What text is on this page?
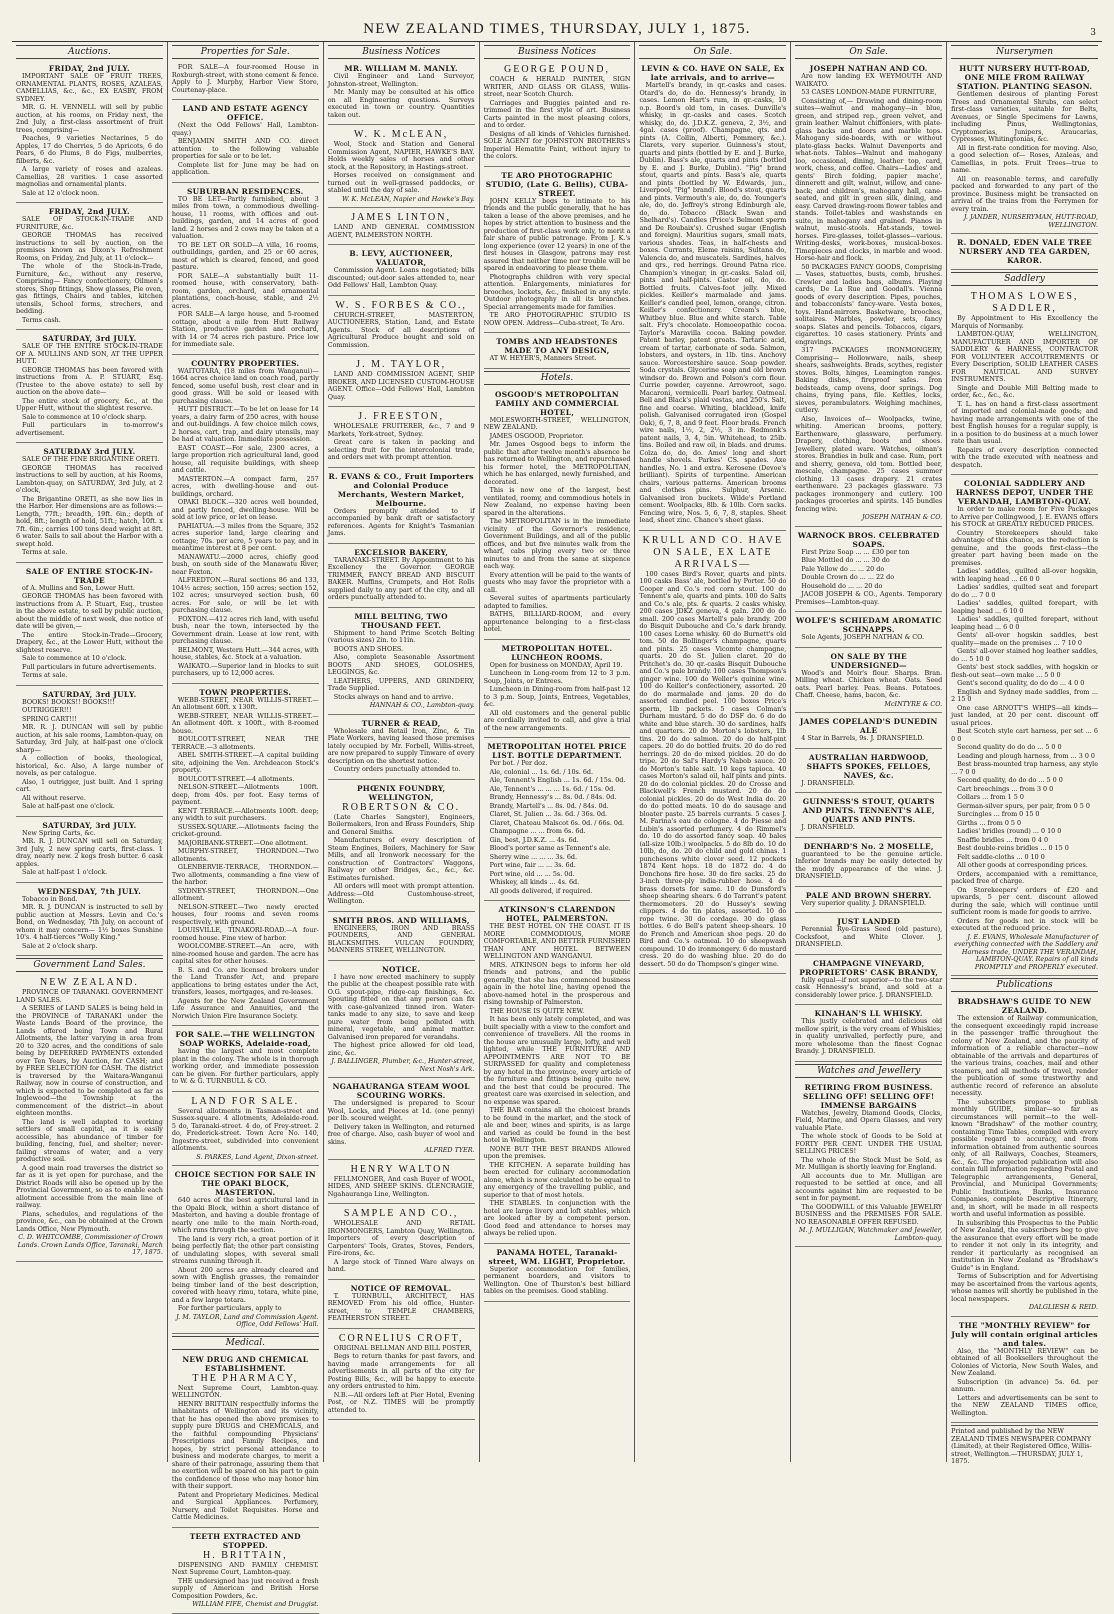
NEW ZEALAND TIMES, THURSDAY, JULY 1, 1875.	3
Auctions.
FRIDAY, 2nd JULY.

IMPORTANT SALE OF FRUIT TREES, ORNAMENTAL PLANTS, ROSES, AZALEAS, CAMELLIAS, &c., &c., EX EASBY, FROM SYDNEY.

MR. G. H. VENNELL will sell by public auction, at his rooms, on Friday next, the 2nd July, a first-class assortment of fruit trees, comprising—

Peaches, 9 varieties Nectarines, 5 do Apples, 17 do Cherries, 5 do Apricots, 6 do Pears, 6 do Plums, 8 do Figs, mulberries, filberts, &c.

A large variety of roses and azaleas. Camellias, 28 varities. 1 case assorted magnolias and ornamental plants.

Sale at 12 o'clock noon.

FRIDAY, 2nd JULY.

SALE OF STOCK-IN-TRADE AND FURNITURE, &c.

GEORGE THOMAS has received instructions to sell by auction, on the premises known as Dixon's Refreshment Rooms, on Friday, 2nd July, at 11 o'clock—

The whole of the Stock-in-Trade, Furniture, &c., without any reserve, Comprising— Fancy confectionery, Oilmen's stores, Shop fittings, Show glasses, Pie oven, gas fittings, Chairs and tables, kitchen utensils, School forms, strechers, and bedding.

Terms cash.

SATURDAY, 3rd JULY.

SALE OF THE ENTIRE STOCK-IN-TRADE OF A. MULLINS AND SON, AT THE UPPER HUTT.

GEORGE THOMAS has been favored with instructions from A. P. STUART, Esq. (Trustee to the above estate) to sell by auction on the above date—

The entire stock of grocery, &c., at the Upper Hutt, without the slightest reserve.

Sale to commence at 10 o'clock sharp.

Full particulars in to-morrow's advertisement.

SATURDAY 3rd JULY.

SALE OF THE FINE BRIGANTINE ORETI.

GEORGE THOMAS has received instructions to sell by auction, at his Rooms, Lambton-quay, on SATURDAY, 3rd July, at 2 o'clock,

The Brigantine ORETI, as she now lies in the Harbor. Her dimensions are as follows:—Length, 77ft.; breadth, 19ft. 6in.; depth of hold, 8ft.; length of hold, 51ft.; hatch, 10ft. x 7ft. 6in.; carries 100 tons dead weight at 8ft. 6 water. Sails to sail about the Harbor with a swept hold.

Terms at sale.

SALE OF ENTIRE STOCK-IN-TRADE

of A. Mullins and Son, Lower Hutt.

GEORGE THOMAS has been favored with instructions from A. P. Stuart, Esq., trustee in the above estate, to sell by public auction, about the middle of next week, due notice of date will be given,—

The entire Stock-in-Trade—Grocery, Drapery, &c., at the Lower Hutt, without the slightest reserve.

Sale to commence at 10 o'clock.

Full particulars in future advertisements.

Terms at sale.

SATURDAY, 3rd JULY.

BOOKS! BOOKS!! BOOKS!!!

OUTRIGGER!!!

SPRING CART!!!

MR. R. J. DUNCAN will sell by public auction, at his sale rooms, Lambton-quay, on Saturday, 3rd July, at half-past one o'clock sharp—

A collection of books, theological, historical, &c. Also, A large number of novels, as per catalogue.

Also, 1 outrigger, just built. And 1 spring cart.

All without reserve.

Sale at half-past one o'clock.

SATURDAY, 3rd JULY.

New Spring Carts, &c.

MR. R. J. DUNCAN will sell on Saturday, 3rd July, 2 new spring carts, first-class. 1 dray, nearly new. 2 kegs fresh butter. 6 cask apples.

Sale at half-past 1 o'clock.

WEDNESDAY, 7th JULY.

Tobacco in Bond.

MR. R. J. DUNCAN is instructed to sell by public auction at Messrs. Levin and Co.'s Bond, on Wednesday, 7th July, on account of whom it may concern— 1½ boxes Sunshine 10's. 4 half-tierces "Wolly King."

Sale at 2 o'clock sharp.

Government Land Sales.
NEW ZEALAND.

PROVINCE OF TARANAKI. GOVERNMENT LAND SALES.

A SERIES of LAND SALES is being held in the PROVINCE of TARANAKI under the Waste Lands Board of the province, the Lands offered being Town and Rural Allotments, the latter varying in area from 20 to 320 acres, and the conditions of sale being by DEFERRED PAYMENTS extended over Ten Years, by Auction, for CASH; and by FREE SELECTION for CASH. The district is traversed by the Waitara-Wanganui Railway, now in course of construction, and which is expected to be completed as far as Inglewood—the Township at the commencement of the district—in about eighteen months.

The land is well adapted to working settlers of small capital, as it is easily accessible, has abundance of timber for building, fencing, fuel, and shelter; never-failing streams of water, and a very productive soil.

A good main road traverses the district so far as it is yet open for purchase, and the District Roads will also be opened up by the Provincial Government, so as to enable each allotment accessible from the main line of railway.

Plans, schedules, and regulations of the province, &c., can be obtained at the Crown Lands Office, New Plymouth.

C. D. WHITCOMBE, Commissioner of Crown Lands. Crown Lands Office, Taranaki, March 17, 1875.
Properties for Sale.

FOR SALE—A four-roomed House in Roxburgh-street, with stone cement & fence. Apply to J. Murphy, Harbor View Store, Courtenay-place.

LAND AND ESTATE AGENCY OFFICE.

(Next the Odd Fellows' Hall, Lambton-quay.)

BENJAMIN SMITH AND CO. direct attention to the following valuable properties for sale or to be let.

Complete list for June may be had on application.

SUBURBAN RESIDENCES.

TO BE LET—Partly furnished, about 3 miles from town, a commodious dwelling-house, 11 rooms, with offices and out-buildings, garden, and 14 acres of good land. 2 horses and 2 cows may be taken at a valuation.

TO BE LET OR SOLD—A villa, 16 rooms, outbuildings, garden, and 25 or 60 acres, most of which is cleared, fenced, and good pasture.

FOR SALE—A substantially built 11-roomed house, with conservatory, bath-room, garden, orchard, and ornamental plantations, coach-house, stable, and 2½ acres.

FOR SALE—A large house, and 5-roomed cottage, about a mile from Hutt Railway Station, productive garden and orchard, with 14 or 74 acres rich pasture. Price low for immediate sale.

COUNTRY PROPERTIES.

WAITOTARA, (18 miles from Wanganui)—1664 acres choice land on coach road, partly fenced, some useful bush, rest clear and in good grass. Will be sold or leased with purchasing clause.

HUTT DISTRICT.—To be let on lease for 14 years, a dairy farm of 250 acres, with house and out-buildings. A few choice milch cows, 2 horses, cart, trap, and dairy utensils, may be had at valuation. Immediate possession.

EAST COAST.—For sale, 2300 acres, a large proportion rich agricultural land, good house, all requisite buildings, with sheep and cattle.

MASTERTON.—A compact farm, 257 acres, with dwelling-house and out-buildings, orchard.

OPAKI BLOCK.—320 acres well bounded, and partly fenced, dwelling-house. Will be sold at low price, or let on lease.

PAHIATUA.—3 miles from the Square, 352 acres superior land, large clearing and cottage; 70s. per acre, 5 years to pay, and in meantime interest at 8 per cent.

MANAWATU.—2000 acres, chiefly good bush, on south side of the Manawatu River, near Foxton.

ALFREDTON.—Rural sections 86 and 133, 104½ acres; section, 150 acres; section 152, 102 acres; unsurveyed section bush, 60 acres. For sale, or will be let with purchasing clause.

FOXTON.—412 acres rich land, with useful bush, near the town, intersected by the Government drain. Lease at low rent, with purchasing clause.

BELMONT, Western Hutt.—344 acres, with house, stables, &c. Stock at a valuation.

WAIKATO.—Superior land in blocks to suit purchasers, up to 12,000 acres.

TOWN PROPERTIES.

WEBB-STREET, NEAR WILLIS-STREET.—An allotment 60ft. x 130ft.

WEBB-STREET, NEAR WILLIS-STREET.—An allotment 40ft. x 100ft., with 8-roomed house.

BOULCOTT-STREET, NEAR THE TERRACE.—3 allotments.

ABEL SMITH-STREET.—A capital building site, adjoining the Ven. Archdeacon Stock's property.

BOULCOTT-STREET.—4 allotments.

NELSON-STREET.—Allotments 100ft. deep, from 40s. per foot. Easy terms of payment.

KENT TERRACE.—Allotments 100ft. deep; any width to suit purchasers.

SUSSEX-SQUARE.—Allotments facing the cricket-ground.

MAJORIBANK-STREET.—One allotment.

MURPHY-STREET, THORNDON.—Two allotments.

GLENBERVIE-TERRACE, THORNDON.—Two allotments, commanding a fine view of the harbor.

SYDNEY-STREET, THORNDON.—One allotment.

NELSON-STREET.—Two newly erected houses, four rooms and seven rooms respectively, with ground.

LOUISVILLE, TINAKORI-ROAD.—A four-roomed house. Fine view of harbor.

WOOLCOMBE-STREET.—An acre, with nine-roomed house and garden. The acre has capital sites for other houses.

B. S. and Co. are licensed brokers under the Land Transfer Act, and prepare applications to bring estates under the Act, transfers, leases, mortgages, and re-leases.

Agents for the New Zealand Government Life Assurance and Annuities, and the Norwich Union Fire Insurance Society.

FOR SALE.—THE WELLINGTON SOAP WORKS, Adelaide-road,

having the largest and most complete plant in the colony. The whole is in thorough working order, and immediate possession can be given. For further particulars, apply to W. & G. TURNBULL & CO.

LAND FOR SALE.

Several allotments in Tasman-street and Sussex-square. 4 allotments, Adelaide-road. 5 do, Taranaki-street. 4 do, of Frey-street. 2 do, Frederick-street. Town Acre No. 140, Ingestre-street, subdivided into convenient allotments.

S. PARKES, Land Agent, Dixon-street.
CHOICE SECTION FOR SALE IN THE OPAKI BLOCK, MASTERTON.

640 acres of the best agricultural land in the Opaki Block, within a short distance of Masterton, and having a double frontage of nearly one mile to the main North-road, which runs through the section.

The land is very rich, a great portion of it being perfectly flat; the other part consisting of undulating slopes, with several small streams running through it.

About 200 acres are already cleared and sown with English grasses, the remainder being timber land of the best description, covered with heavy rimu, totara, white pine, and a few large totara.

For further particulars, apply to

J. M. TAYLOR, Land and Commission Agent. Office, Odd Fellows' Hall.
Medical.
NEW DRUG AND CHEMICAL ESTABLISHMENT.
THE PHARMACY,

Next Supreme Court, Lambton-quay. WELLINGTON.

HENRY BRITTAIN respectfully informs the inhabitants of Wellington and its vicinity, that he has opened the above premises to supply pure DRUGS and CHEMICALS, and the faithful compounding Physicians' Prescriptions and Family Recipes, and hopes, by strict personal attendance to business and moderate charges, to merit a share of their patronage, assuring them that no exertion will be spared on his part to gain the confidence of those who may honor him with their support.

Patent and Proprietary Medicines. Medical and Surgical Appliances. Perfumery, Nursery, and Toilet Requisites. Horse and Cattle Medicines.

TEETH EXTRACTED AND STOPPED.
H. BRITTAIN,

DISPENSING AND FAMILY CHEMIST. Next Supreme Court, Lambton-quay.

THE undersigned has just received a fresh supply of American and British Horse Composition Powders, &c.

WILLIAM FIFE, Chemist and Druggist.
Business Notices
MR. WILLIAM M. MANLY.

Civil Engineer and Land Surveyor, Johnston-street, Wellington.

Mr. Manly may be consulted at his office on all Engineering questions. Surveys executed in town or country. Quantities taken out.

W. K. McLEAN,

Wool, Stock and Station and General Commission Agent, NAPIER, HAWKE'S BAY. Holds weekly sales of horses and other stock, at the Repository, in Hastings-street.

Horses received on consignment and turned out in well-grassed paddocks, or stabled until the day of sale.

W. K. McLEAN, Napier and Hawke's Bay.
JAMES LINTON,

LAND AND GENERAL COMMISSION AGENT, PALMERSTON NORTH.

B. LEVY, AUCTIONEER, VALUATOR,

Commission Agent. Loans negotiated; bills discounted; out-door sales attended to, near Odd Fellows' Hall, Lambton Quay.

W. S. FORBES & CO.,

CHURCH-STREET, MASTERTON, AUCTIONEERS, Station, Land, and Estate Agents. Stock of all descriptions of Agricultural Produce bought and sold on Commission.

J. M. TAYLOR,

LAND AND COMMISSION AGENT, SHIP BROKER, AND LICENSED CUSTOM-HOUSE AGENT. Office—Odd Fellows' Hall, Lambton Quay.

J. FREESTON,

WHOLESALE FRUITERER, &c., 7 and 9 Markets, York-street, Sydney.

Great care is taken in packing and selecting fruit for the intercolonial trade, and orders met with prompt attention.

R. EVANS & CO., Fruit Importers and Colonial Produce Merchants, Western Market, Melbourne.

Orders promptly attended to if accompanied by bank draft or satisfactory references. Agents for Knight's Tasmanian Jams.

EXCELSIOR BAKERY,

TARANAKI-STREET. By Appointment to his Excellency the Governor. GEORGE TRIMMER, FANCY BREAD AND BISCUIT BAKER. Muffins, Crumpets, and Hot Rolls supplied daily to any part of the city, and all orders punctually attended to.

MILL BELTING, TWO THOUSAND FEET.

Shipment to hand Prime Scotch Belting (various sizes) 2in. to 11in.

BOOTS AND SHOES.

Also, complete Seasonable Assortment BOOTS AND SHOES, GOLOSHES, LEGGINGS, &c.

LEATHERS, UPPERS, AND GRINDERY, Trade Supplied.

Stocks always on hand and to arrive.

HANNAH & CO., Lambton-quay.
TURNER & READ,

Wholesale and Retail Iron, Zinc, & Tin Plate Workers, having leased those premises lately occupied by Mr. Forbell, Willis-street, are now prepared to supply Tinware of every description on the shortest notice.

Country orders punctually attended to.

PHŒNIX FOUNDRY, WELLINGTON,
ROBERTSON & CO.

(Late Charles Sangster), Engineers, Boilermakers, Iron and Brass Founders, Ship and General Smiths.

Manufacturers of every description of Steam Engines, Boilers, Machinery for Saw Mills, and all Ironwork necessary for the construction of Contractors' Waggons, Railway or other Bridges, &c., &c., &c. Estimates furnished.

All orders will meet with prompt attention. Address:—Old Customhouse-street, Wellington.

SMITH BROS. AND WILLIAMS,

ENGINEERS, IRON AND BRASS FOUNDERS, AND GENERAL BLACKSMITHS. VULCAN FOUNDRY, MANNERS STREET, WELLINGTON.

NOTICE.

I have now erected machinery to supply the public at the cheapest possible rate with O.G. spout-pipe, ridge-cap finishings, &c. Spouting fitted on that any person can fix with case-galvanized tinned iron. Water-tanks made to any size, to save and keep pure water from being polluted with mineral, vegetable, and animal matter. Galvanised iron prepared for verandahs.

The highest price allowed for old lead, zinc, &c.

J. BALLINGER, Plumber, &c., Hunter-street, Next Nosh's Ark.
NGAHAURANGA STEAM WOOL SCOURING WORKS.

The undersigned is prepared to Scour Wool, Locks, and Pieces at 1d. (one penny) per lb. scoured weight.

Delivery taken in Wellington, and returned free of charge. Also, cash buyer of wool and skins.

ALFRED TYER.
HENRY WALTON

FELLMONGER, And cash Buyer of WOOL, HIDES, AND SHEEP SKINS. GLENCRAGIE, Ngahauranga Line, Wellington.

SAMPLE AND CO.,

WHOLESALE AND RETAIL IRONMONGERS, Lambton Quay, Wellington. Importers of every description of Carpenters' Tools, Grates, Stoves, Fenders, Fire-irons, &c.

A large stock of Tinned Ware always on hand.

NOTICE OF REMOVAL.

T. TURNBULL, ARCHITECT, HAS REMOVED From his old office, Hunter-street, to TEMPLE CHAMBERS, FEATHERSTON STREET.

CORNELIUS CROFT,

ORIGINAL BELLMAN AND BILL POSTER,

Begs to return thanks for past favors, and having made arrangements for all advertisements in all parts of the city for Posting Bills, &c., will be happy to execute any orders entrusted to him.

N.B.—All orders left at Pier Hotel, Evening Post, or N.Z. TIMES will be promptly attended to.

Business Notices
GEORGE POUND,

COACH & HERALD PAINTER, SIGN WRITER, AND GLASS OR GLASS, Willis-street, near Scotch Church.

Carriages and Buggies painted and re-trimmed in the first style of art. Business Carts painted in the most pleasing colors, and to order.

Designs of all kinds of Vehicles furnished. SOLE AGENT for JOHNSTON BROTHERS's Imperial Hematite Paint, without injury to the colors.

TE ARO PHOTOGRAPHIC STUDIO, (Late G. Bellis), CUBA-STREET.

JOHN KELLY begs to intimate to his friends and the public generally, that he has taken a lease of the above premises, and he hopes by strict attention to business and the production of first-class work only, to merit a fair share of public patronage. From J. K.'s long experience (over 12 years) in one of the first houses in Glasgow, patrons may rest assured that neither time nor trouble will be spared in endeavoring to please them.

Photographs children with very special attention. Enlargements, miniatures for brooches, lockets, &c., finished in any style. Outdoor photography in all its branches. Special arrangements made for families.

TE ARO PHOTOGRAPHIC STUDIO IS NOW OPEN. Address—Cuba-street, Te Aro.

TOMBS AND HEADSTONES MADE TO ANY DESIGN,

AT W. HEYER'S, Manners Street.

Hotels.
OSGOOD'S METROPOLITAN FAMILY AND COMMERCIAL HOTEL,

MOLESWORTH-STREET, WELLINGTON, NEW ZEALAND.

JAMES OSGOOD, Proprietor.

Mr. James Osgood begs to inform the public that after twelve month's absence he has returned to Wellington, and repurchased his former hotel, the METROPOLITAN, which he has enlarged, newly furnished, and decorated.

This is now one of the largest, best ventilated, roomy, and commodious hotels in New Zealand, no expense having been spared in the alterations.

The METROPOLITAN is in the immediate vicinity of the Governor's residence, Government Buildings, and all of the public offices, and but five minutes walk from the wharf, cabs plying every two or three minutes to and from the same at sixpence each way.

Every attention will be paid to the wants of guests who may favor the proprietor with a call.

Several suites of apartments particularly adapted to families.

BATHS, BILLIARD-ROOM, and every appurtenance belonging to a first-class hotel.

METROPOLITAN HOTEL. LUNCHEON ROOMS.

Open for business on MONDAY, April 19.

Luncheon in Long-room from 12 to 3 p.m. Soup, Joints, or Entrees.

Luncheon in Dining-room from half-past 12 to 3 p.m. Soup, Joints, Entrees, Vegetables, &c.

All old customers and the general public are cordially invited to call, and give a trial of the new arrangements.

METROPOLITAN HOTEL PRICE LIST. BOTTLE DEPARTMENT.

Per bot. / Per doz.

Ale, colonial ... 1s. 6d. / 10s. 6d.

Ale, Tennent's English ... 1s. 6d. / 15s. 0d.

Ale, Tennent's ... ... ... 1s. 6d. / 15s. 0d.

Brandy, Hennessy's ... 8s. 0d. / 84s. 0d.

Brandy, Martell's ... 8s. 0d. / 84s. 0d.

Claret, St. Julien ... 3s. 6d. / 36s. 0d.

Claret, Chateau Malscot 6s. 0d. / 66s. 0d.

Champagne ... ... from 6s. 6d.

Gin, best, J.D.K.Z. ... 4s. 6d.

Blood's porter same as Tennent's ale.

Sherry wine ... ... ... 3s. 6d.

Port wine, fair ... ... 3s. 6d.

Port wine, old ... ... 5s. 0d.

Whiskey, all kinds ... 4s. 6d.

All goods delivered, if required.

ATKINSON'S CLARENDON HOTEL, PALMERSTON.

THE BEST HOTEL ON THE COAST. IT IS MORE COMMODIOUS, MORE COMFORTABLE, AND BETTER FURNISHED THAN ANY HOTEL BETWEEN WELLINGTON AND WANGANUI.

MRS. ATKINSON begs to inform her old friends and patrons, and the public generally, that she has commenced business again in the hotel line, having opened the above-named hotel in the prosperous and rising township of Palmerston.

THE HOUSE IS QUITE NEW.

It has been only lately completed, and was built specially with a view to the comfort and convenience of travellers. All the rooms in the house are unusually large, lofty, and well lighted, while THE FURNITURE AND APPOINTMENTS ARE NOT TO BE SURPASSED for quality and completeness by any hotel in the province, every article of the furniture and fittings being quite new, and the best that could be procured. The greatest care was exercised in selection, and no expense was spared.

THE BAR contains all the choicest brands to be found in the market, and the stock of ale and beer, wines and spirits, is as large and varied as could be found in the best hotel in Wellington.

NONE BUT THE BEST BRANDS Allowed upon the premises.

THE KITCHEN. A separate building has been erected for culinary accommodation alone, which is now calculated to be equal to any emergency of the travelling public, and superior to that of most hotels.

THE STABLES. In conjunction with the hotel are large livery and loft stables, which are looked after by a competent person. Good feed and attendance to horses may always be relied upon.

PANAMA HOTEL, Taranaki-street, WM. LIGHT, Proprietor.

Superior accommodation for families, permanent boarders, and visitors to Wellington. One of Thurston's best billiard tables on the premises. Good stabling.

On Sale.
LEVIN & CO. HAVE ON SALE, Ex late arrivals, and to arrive—

Martell's brandy, in qr.-casks and cases. Otard's do, do do. Hennessy's brandy, in cases. Lemon Hart's rum, in qr.-casks, 10 o.p. Boord's old tom, in cases. Dunville's whisky, in qr.-casks and cases. Scotch whisky, do, do. J.D.K.Z. geneva, 2, 3½, and 4gal. cases (proof). Champagne, qts. and pints (A. Collin, Alberti, Pommery, &c.). Clarets, very superior. Guinness's stout, quarts and pints (bottled by E. and J. Burke, Dublin). Bass's ale, quarts and pints (bottled by E. and J. Burke, Dublin). "Pig" brand stout, quarts and pints. Bass's ale, quarts and pints (bottled by W. Edwards, jun., Liverpool, "Pig" brand). Blood's stout, quarts and pints. Vermouth's ale, do, do. Younger's ale, do, do. Jeffrey's strong Edinburgh ale, do, do. Tobacco (Black Swan and Shelhard's). Candles (Price's Belmont sperm and De Roubaix's). Crushed sugar (English and foreign). Mauritius sugars, small mats, various shades. Teas, in half-chests and boxes. Currants, Eleme raisins, Sultana do, Valencia do, and muscatels. Sardines, halves and qrs., red herrings. Ground Patna rice. Champion's vinegar, in qr.-casks. Salad oil, pints and half-pints. Castor oil, do, do. Bottled fruits. Calves-foot jelly. Mixed pickles. Keiller's marmalade and jams. Keiller's candied peel, lemon, orange, citron. Keiller's confectionery. Cream's blue, Whitbey blue. Blue and white starch. Table salt. Fry's chocolate. Homoeopathic cocoa. Taylor's Maravilla cocoa. Baking powder. Patent barley, patent groats. Tartaric acid, cream of tartar, carbonate of soda. Salmon, lobsters, and oysters, in 1lb. tins. Anchovy sauce. Worcestershire sauce. Soap powder. Soda crystals. Glycerine soap and old brown windsor do. Brown and Polson's corn flour. Currie powder, cayenne. Arrowroot, sago. Macaroni, vermicelli. Pearl barley. Oatmeal. Bell and Black's plaid vestas, and 250's. Salt, fine and coarse. Whiting, blacklead, knife polish. Galvanised corrugated iron (Gospel Oak), 6, 7, 8, and 9 feet. Floor brads. French wire nails, 1½, 2, 2½, 3 in. Redmonk's patent nails, 3, 4, 5in. Whitehead, to 25lb. tins. Boiled and raw oil, in blads. and drums. Colza do, do, do. Ames' long and short handle shovels. Parkes' CS. spades. Axe handles, No. 1 and extra. Kerosene (Devoe's brilliant). Spirits of turpentine. American chairs, various patterns. American brooms and clothes pins. Sulphur, Arsenic. Galvanised iron buckets. Wilde's Portland cement. Woolpacks, 8lb. & 10lb. Corn sacks. Fencing wire, Nos. 5, 6, 7, 8, staples. Sheet lead, sheet zinc. Chance's sheet glass.

KRULL AND CO. HAVE ON SALE, EX LATE ARRIVALS—

100 cases Bird's Rover, quarts and pints. 100 casks Bass' ale, bottled by Porter. 50 do Cooper and Co.'s red corn stout. 100 do Tennent's ale, quarts and pints. 100 do Salts and Co.'s ale, pts. & quarts. 2 casks whisky. 200 cases JDKZ geneva, 4 gaIn. 200 do do small. 200 cases Martell's pale brandy. 200 do Bisquit Dubouche and Co.'s dark brandy. 100 cases Lorne whisky. 60 do Burnett's old tom. 50 do Bollinger's champagne, quarts and pints. 25 cases Vicomte champagne, quarts. 20 do St. Julien claret. 20 do Pritchet's do. 30 qr.-casks Bisquit Dubouche and Co.'s pale brandy. 100 cases Thompson's ginger wine. 100 do Weller's quinine wine. 100 do Keiller's confectionery, assorted. 20 do do marmalade and jams. 20 do do assorted candied peel. 100 boxes Price's sperm, 1lb packets. 5 cases Colman's Durham mustard. 5 do do DSF do. 6 do do white and blue starch. 30 do sardines, halfs and quarters. 20 do Morton's lobsters, 1lb tins. 20 do do salmon. 20 do do half-pint capers. 20 do do bottled fruits. 20 do do red herrings. 20 do do mixed pickles. 20 do do tripe. 20 do Sal's Hardy's Nabob sauce. 20 do Morton's table salt. 10 kegs tapioca. 40 cases Morton's salad oil, half pints and pints. 20 do do colonial pickles. 20 do Crosse and Blackwell's French mustard. 20 do do colonial pickles. 20 do do West India do. 20 do do potted meats. 10 do do sausage and bloater paste. 25 barrels currants. 5 cases J. M. Farina's eau de cologne. 4 do Piesse and Lubin's assorted perfumery. 4 do Rimmel's do. 10 do do assorted fancy soap. 40 bales (all-size 10lb.) woolpacks. 5 do 8lb do. 10 do 10lb, do, do. 20 do child and gold chinas. 1 punchesons white clover seed. 12 pockets 1874 Kent hops. 18 do 1872 do. 4 do Donchons fire hose. 30 do fire sacks. 25 do 3-inch three-ply india-rubber hose. 4 do brass dorsets for same. 10 do Dunsford's sheep shearing shears. 6 do Tarrant's patent thermometers. 20 do Hussey's sewing clippers. 4 do tin plates, assorted. 10 do rope twine. 30 do cordage. 30 do glass bottles. 6 do Bell's patent sheep-shears. 10 do French and American shoe pegs. 20 do Bird and Co.'s oatmeal. 10 do sheepwash compound. 10 do ironmongery. 6 do mustard cress. 20 do do washing blue. 20 do do dessert. 50 do do Thompson's ginger wine.

On Sale.
JOSEPH NATHAN AND CO.

Are now landing EX WEYMOUTH AND WAIKATO.

53 CASES LONDON-MADE FURNITURE,

Consisting of,— Drawing and dining-room suites—walnut and mahogany—in blue, green, and striped rep., green velvet, and grain leather. Walnut chiffoniers, with plate-glass backs and doors and marble tops. Mahogany side-boards, with or without plate-glass backs. Walnut Davenports and what-nots. Tables—Walnut and mahogany loo, occasional, dining, leather top, card, work, chess, and coffee. Chairs—Ladies' and gents' Birch folding, papier mache', dinnerett and gilt, walnut, willow, and cane-back; and children's, mahogany hall, cane-seated, and gilt in green silk, dining, and easy. Carved drawing-room flower tables and stands. Toilet-tables and washstands en suite, in mahogany and grained. Pianos in walnut, music-stools. Hat-stands, towel-horses. Fire-glasses, toilet-glasses—various. Writing-desks, work-boxes, musical-boxes. Timepieces and clocks, in marble and wood. Horse-hair and flock.

50 PACKAGES FANCY GOODS, Comprising— Vases, statuettes, busts, comb, brushes. Crewler and ladies bags, albums. Playing cards, De La Rue and Goodall's. Vienna goods of every description. Pipes, pouches, and tobacconists' fancy-ware. Vesta boxes, toys. Hand-mirrors. Basketware, brooches, solitaires. Marbles, powder, sets, fancy soaps. Slates and pencils. Tobaccos, cigars, cigarettes. 10 cases stationery. Prints and engravings.

317 PACKAGES IRONMONGERY, Comprising— Hollowware, nails, sheep shears, sashweights. Brads, scythes, register stoves. Bolts, hinges, Leamington ranges. Baking dishes, fireproof safes. Iron bedsteads, camp ovens, door springs. Dog chains, frying pans, file. Kettles, locks, sieves, perambulators. Weighing machines, cutlery.

Also, Invoices of— Woolpacks, twine, whiting. American brooms, pottery. Earthenware, glassware, perfumery. Drapery, clothing, boots and shoes. Jewellery, plated ware. Watches, oilman's stores. Brandies in bulk and case. Rum, port and sherry, geneva, old tom. Bottled beer, mescale, champagne. 25 cases summer clothing. 13 cases drapery. 21 crates earthenware. 23 packages glassware. 73 packages ironmongery and cutlery. 100 packages groceries and spirits. 145 bundles fencing wire.

JOSEPH NATHAN & CO.
WARNOCK BROS. CELEBRATED SOAPS.

First Prize Soap ... ... £30 per ton

Blue Mottled do ... ... 30 do

Pale Yellow do ... ... 20 do

Double Crown do ... ... 22 do

Household do ... ... 20 do

JACOB JOSEPH & CO., Agents. Temporary Premises—Lambton-quay.

WOLFE'S SCHIEDAM AROMATIC SCHNAPPS.

Sole Agents, JOSEPH NATHAN & CO.

ON SALE BY THE UNDERSIGNED—

Wood's and Moir's flour. Sharps. Bran. Milling wheat. Chicken wheat. Oats. Seed oats. Pearl barley. Peas. Beans. Potatoes. Chaff. Cheese, hams, bacon, &c.

McINTYRE & CO.
JAMES COPELAND'S DUNEDIN ALE

4 Star in Barrels, 9s. J. DRANSFIELD.

AUSTRALIAN HARDWOOD, SHAFTS SPOKES, FELLOES, NAVES, &c.

J. DRANSFIELD.

GUINNESS'S STOUT, QUARTS AND PINTS. TENNENT'S ALE, QUARTS AND PINTS.

J. DRANSFIELD.

DENHARD'S No. 2 MOSELLE,

guaranteed to be the genuine article. Inferior brands may be easily detected by the muddy appearance of the wine. J. DRANSFIELD.

PALE AND BROWN SHERRY.

Very superior quality. J. DRANSFIELD.

JUST LANDED

Perennial Rye-Grass Seed (old pasture), Cocksfoot, and White Clover. J. DRANSFIELD.

CHAMPAGNE VINEYARD, PROPRIETORS' CASK BRANDY,

fully equal—if not superior—to the two-star cask Hennessy's brand, and sold at a considerably lower price. J. DRANSFIELD.

KINAHAN'S LL WHISKY.

This justly celebrated and delicious old mellow spirit, is the very cream of Whiskies; in quality unrivalled, perfectly pure, and more wholesome than the finest Cognac Brandy. J. DRANSFIELD.

Watches and Jewellery
RETIRING FROM BUSINESS. SELLING OFF! SELLING OFF! IMMENSE BARGAINS

Watches, Jewelry, Diamond Goods, Clocks, Field, Marine, and Opera Glasses, and very valuable Plate.

The whole stock of Goods to be Sold at FORTY PER CENT. UNDER THE USUAL SELLING PRICES!

The whole of the Stock Must be Sold, as Mr. Mulligan is shortly leaving for England.

All accounts due to Mr. Mulligan are requested to be settled at once, and all accounts against him are requested to be sent in for payment.

The GOODWILL of this Valuable JEWELRY BUSINESS and the PREMISES FOR SALE. NO REASONABLE OFFER REFUSED.

M. J. MULLIGAN, Watchmaker and Jeweller, Lambton-quay.
Nurserymen
HUTT NURSERY HUTT-ROAD, ONE MILE FROM RAILWAY STATION. PLANTING SEASON.

Gentlemen desirous of planting Forest Trees and Ornamental Shrubs, can select first-class varieties, suitable for Belts, Avenues, or Single Specimens for Lawns, including Pinus, Wellingtonias, Cryptomerias, Junipers, Araucarias, Cypresses, Whitingtonias, &c.

All in first-rate condition for moving. Also, a good selection of— Roses, Azaleas, and Camellias, in pots. Fruit Trees—true to name.

All on reasonable terms, and carefully packed and forwarded to any part of the province. Business might be transacted on arrival of the trains from the Ferrymen for every train.

J. JANDER, NURSERYMAN, HUTT-ROAD, WELLINGTON.
R. DONALD, EDEN VALE TREE NURSERY AND TEA GARDEN, KAROR.
Saddlery
THOMAS LOWES, SADDLER,

By Appointment to His Excellency the Marquis of Normanby.

LAMBTON-QUAY, WELLINGTON, MANUFACTURER AND IMPORTER OF SADDLERY & HARNESS, CONTRACTOR FOR VOLUNTEER ACCOUTREMENTS Of Every Description, SOLID LEATHER CASES FOR NAUTICAL AND SURVEY INSTRUMENTS.

Single and Double Mill Belting made to order, &c., &c., &c.

T. L. has on hand a first-class assortment of imported and colonial-made goods; and having made arrangements with one of the best English houses for a regular supply, is in a position to do business at a much lower rate than usual.

Repairs of every description connected with the trade executed with neatness and despatch.

COLONIAL SADDLERY AND HARNESS DEPOT, UNDER THE VERANDAH, LAMBTON-QUAY.

In order to make room for Five Packages to Arrive per Collingwood, J. E. EVANS offers his STOCK at GREATLY REDUCED PRICES.

Country Storekeepers should take advantage of this chance, as the reduction is genuine, and the goods first-class—the greater part having been made on the premises.

Ladies' saddles, quilted all-over hogskin, with leaping head ... £6 0 0

Ladies' saddles, quilted seat and forepart do do ... 7 0 0

Ladies' saddles, quilted forepart, with leaping head ... 6 10 0

Ladies' saddles, quilted forepart, without leaping head ... 6 0 0

Gents' all-over hogskin saddles, best quality—made on the premises ... 7 10 0

Gents' all-over stained hog leather saddles, do ... 5 10 0

Gents' best stock saddles, with hogskin or flesh-out seat—own make ... 5 0 0

Gent's second quality, do do do ... 4 0 0

English and Sydney made saddles, from ... 2 15 0

One case ARNOTT'S WHIPS—all kinds—just landed, at 20 per cent. discount off usual prices.

Best Scotch style cart harness, per set ... 6 0 0

Second quality do do do ... 5 0 0

Leading and plough harness, from ... 3 0 0

Best brass-mounted trap harness, any style ... 7 0 0

Second quality, do do do ... 5 0 0

Cart breechings ... from 3 0 0

Collars ... from 1 5 0

German-silver spurs, per pair, from 0 5 0

Surcingles ... from 0 15 0

Girths ... from 0 5 0

Ladies' bridles (round) ... 0 10 0

Snaffle bridles ... from 0 4 0

Best double-reins bridles ... 0 15 0

Felt saddle-cloths ... 0 10 0

All other goods at corresponding prices.

Orders, accompanied with a remittance, packed free of charge.

On Storekeepers' orders of £20 and upwards, 5 per cent. discount allowed during the sale, which will continue until sufficient room is made for goods to arrive.

Orders for goods not in stock will be executed at the reduced price.

J. E. EVANS, Wholesale Manufacturer of everything connected with the Saddlery and Harness trade, UNDER THE VERANDAH, LAMBTON-QUAY. Repairs of all kinds PROMPTLY and PROPERLY executed.
Publications
BRADSHAW'S GUIDE TO NEW ZEALAND.

The extension of Railway communication, the consequent exceedingly rapid increase in the passenger traffic throughout the colony of New Zealand, and the paucity of information of a reliable character—now obtainable of the arrivals and departures of the various trains, coaches, mail and other steamers, and all methods of travel, render the publication of some trustworthy and authentic record of reference an absolute necessity.

The subscribers propose to publish monthly GUIDE, similar—so far as circumstances will permit—to the well-known "Bradshaw" of the mother country, containing Time Tables, compiled with every possible regard to accuracy, and from information obtained from authentic sources only, of all Railways, Coaches, Steamers, &c., &c. The projected publication will also contain full information regarding Postal and Telegraphic arrangements, General, Provincial, and Municipal Governments; Public Institutions, Banks, Insurance Companies, complete Descriptive Itinerary, and, in short, will be made in all respects worth and useful information as possible.

In subsribing this Prospectus to the Public of New Zealand, the subscribers beg to give the assurance that every effort will be made to render it not only in its integrity, and render it particularly as recognised an institution in New Zealand as "Bradshaw's Guide" is in England.

Terms of Subscription and for Advertising may be ascertained from the various agents, whose names will shortly be published in the local newspapers.

DALGLIESH & REID.
THE "MONTHLY REVIEW" for July will contain original articles and tales.

Also, the "MONTHLY REVIEW" can be obtained of all Booksellers throughout the Colonies of Victoria, New South Wales, and New Zealand.

Subscription (in advance) 5s. 6d. per annum.

Letters and advertisements can be sent to the NEW ZEALAND TIMES office, Wellington.

Printed and published by the NEW ZEALAND TIMES NEWSPAPER COMPANY (Limited), at their Registered Office, Willis-street, Wellington.—THURSDAY, JULY 1, 1875.
